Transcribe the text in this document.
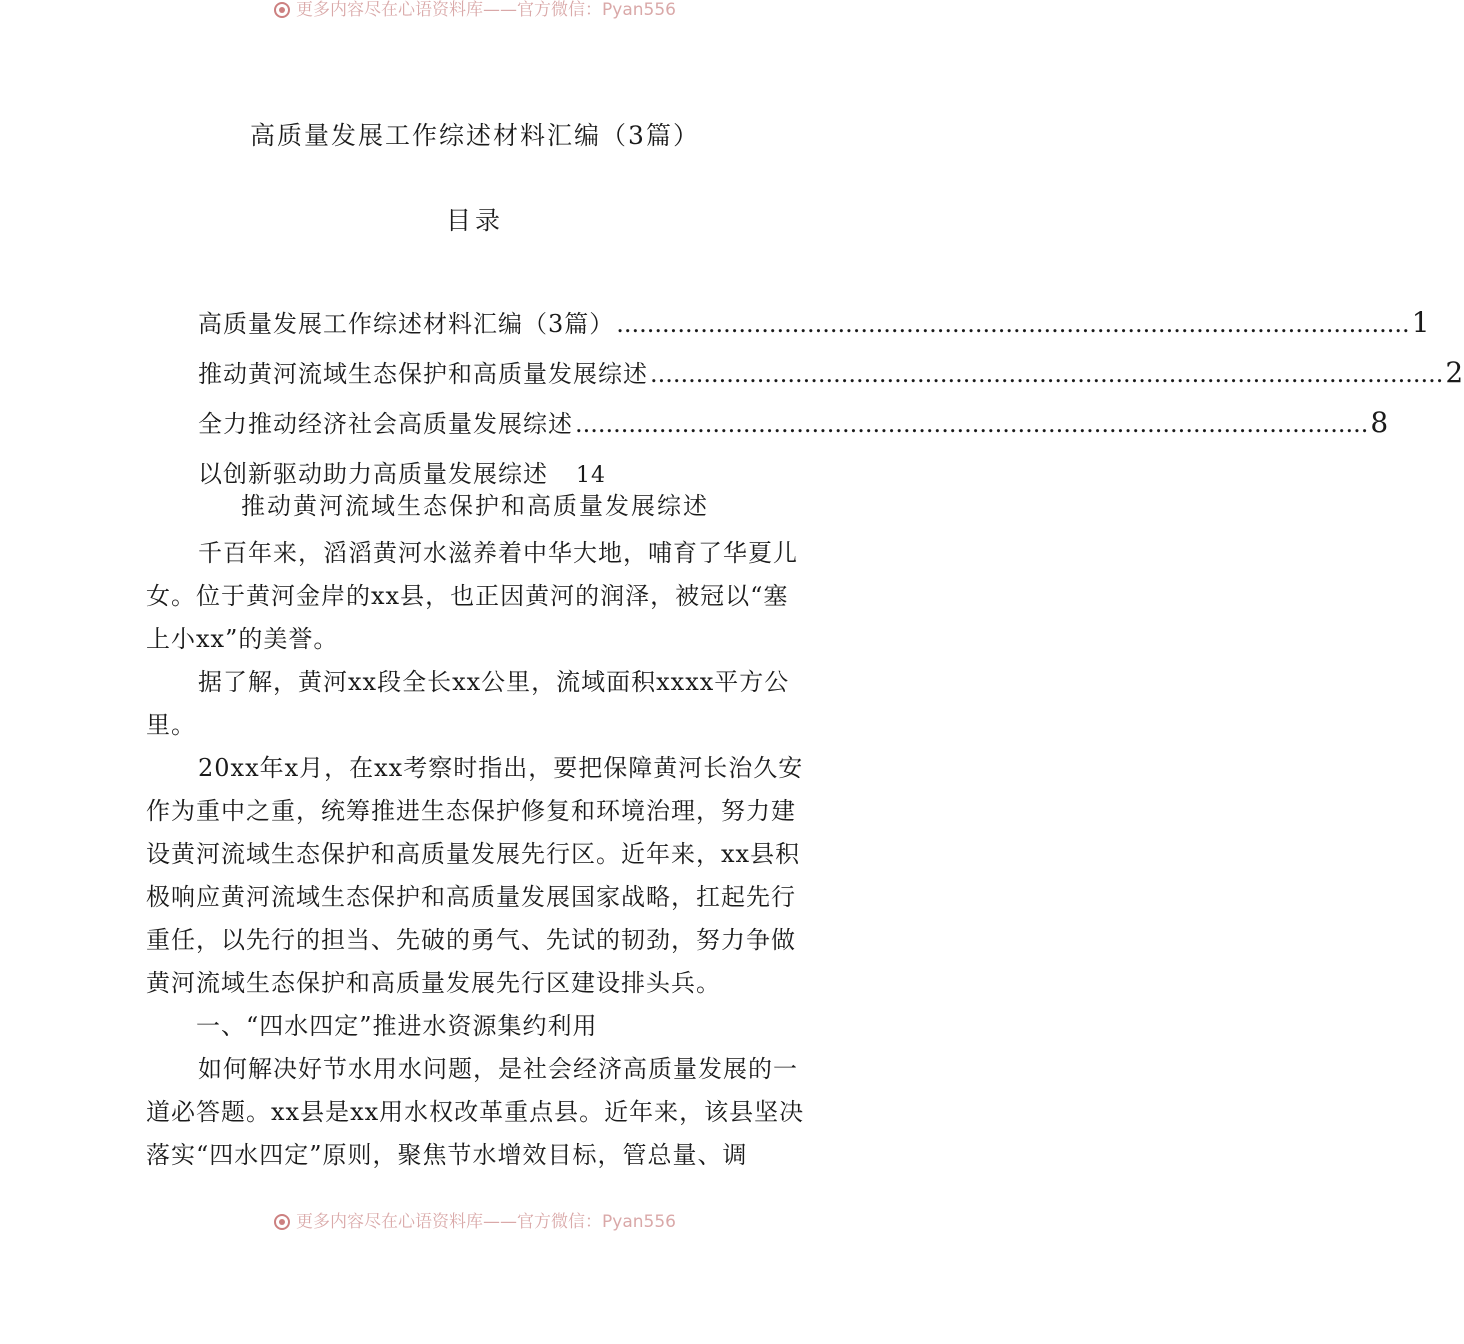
更多内容尽在心语资料库——官方微信：Pyan556
高质量发展工作综述材料汇编（3篇）
目录
高质量发展工作综述材料汇编（3篇） ........................................................................................................ 1
推动黄河流域生态保护和高质量发展综述 ........................................................................................................ 2
全力推动经济社会高质量发展综述 ........................................................................................................ 8
以创新驱动助力高质量发展综述 14
推动黄河流域生态保护和高质量发展综述

千百年来，滔滔黄河水滋养着中华大地，哺育了华夏儿女。位于黄河金岸的xx县，也正因黄河的润泽，被冠以“塞上小xx”的美誉。

据了解，黄河xx段全长xx公里，流域面积xxxx平方公里。

20xx年x月，在xx考察时指出，要把保障黄河长治久安作为重中之重，统筹推进生态保护修复和环境治理，努力建设黄河流域生态保护和高质量发展先行区。近年来，xx县积极响应黄河流域生态保护和高质量发展国家战略，扛起先行重任，以先行的担当、先破的勇气、先试的韧劲，努力争做黄河流域生态保护和高质量发展先行区建设排头兵。

一、“四水四定”推进水资源集约利用

如何解决好节水用水问题，是社会经济高质量发展的一道必答题。xx县是xx用水权改革重点县。近年来，该县坚决落实“四水四定”原则，聚焦节水增效目标，管总量、调

更多内容尽在心语资料库——官方微信：Pyan556
